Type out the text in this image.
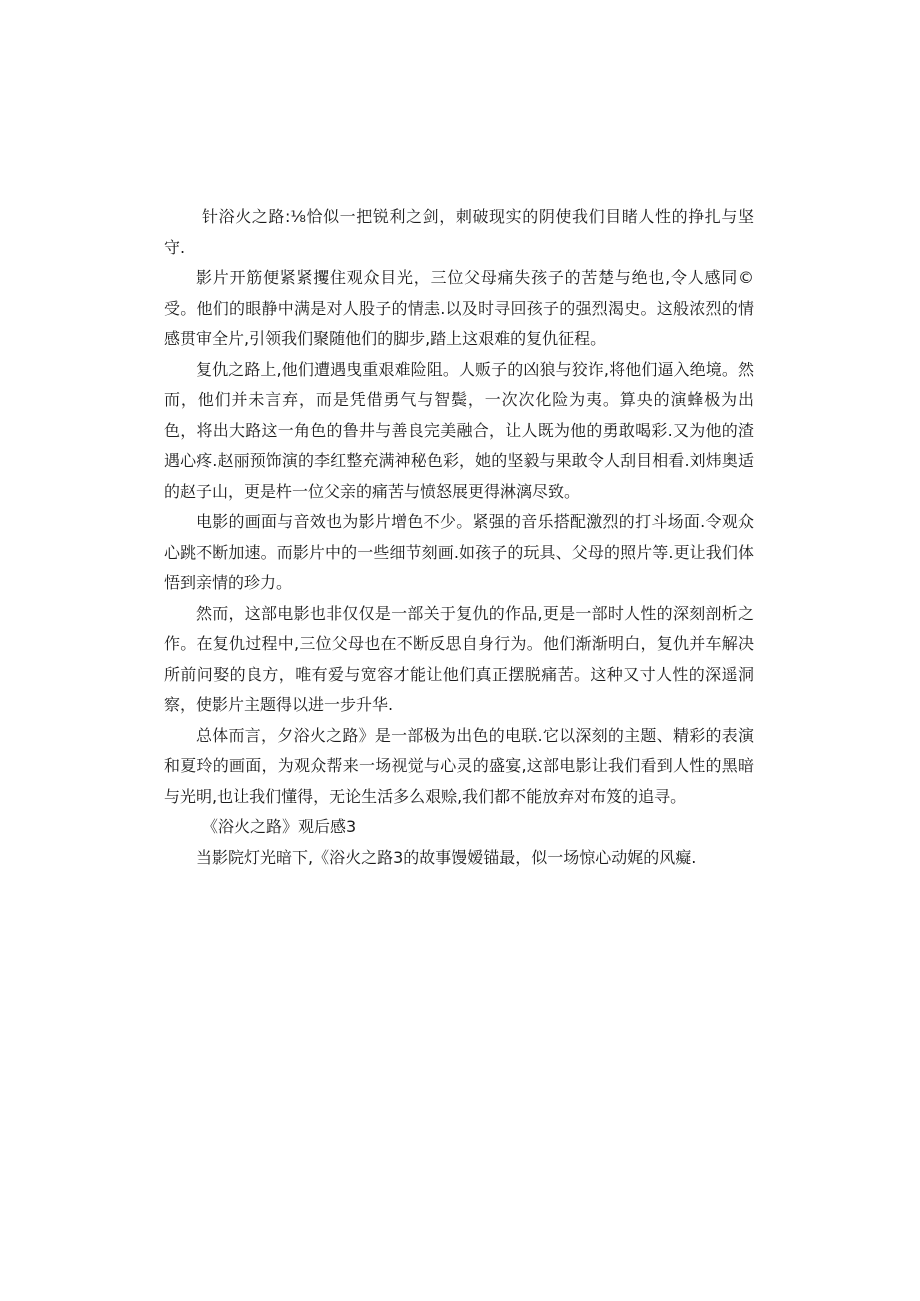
针浴火之路:⅛恰似一把锐利之剑，刺破现实的阴使我们目睹人性的挣扎与坚守.

影片开筋便紧紧攫住观众目光，三位父母痛失孩子的苦楚与绝也,令人感同©受。他们的眼静中满是对人股子的情恚.以及时寻回孩子的强烈渴史。这般浓烈的情感贯审全片,引领我们聚随他们的脚步,踏上这艰难的复仇征程。

复仇之路上,他们遭遇曳重艰难险阻。人贩子的凶狼与狡诈,将他们逼入绝境。然而，他们并未言弃，而是凭借勇气与智鬓，一次次化险为夷。算央的演蜂极为出色，将出大路这一角色的鲁井与善良完美融合，让人既为他的勇敢喝彩.又为他的渣遇心疼.赵丽预饰演的李红整充满神秘色彩，她的坚毅与果敢令人刮目相看.刘炜奥适的赵子山，更是杵一位父亲的痛苦与愤怒展更得淋漓尽致。

电影的画面与音效也为影片增色不少。紧强的音乐搭配激烈的打斗场面.令观众心跳不断加速。而影片中的一些细节刻画.如孩子的玩具、父母的照片等.更让我们体悟到亲情的珍力。

然而，这部电影也非仅仅是一部关于复仇的作品,更是一部时人性的深刻剖析之作。在复仇过程中,三位父母也在不断反思自身行为。他们渐渐明白，复仇并车解决所前问娶的良方，唯有爱与宽容才能让他们真正摆脱痛苦。这种又寸人性的深遥洞察，使影片主题得以进一步升华.

总体而言，夕浴火之路》是一部极为出色的电联.它以深刻的主题、精彩的表演和夏玲的画面，为观众帮来一场视觉与心灵的盛宴,这部电影让我们看到人性的黑暗与光明,也让我们懂得，无论生活多么艰赊,我们都不能放弃对布笈的追寻。

《浴火之路》观后感3

当影院灯光暗下,《浴火之路3的故事馒嫒锚最，似一场惊心动娓的风癡.
